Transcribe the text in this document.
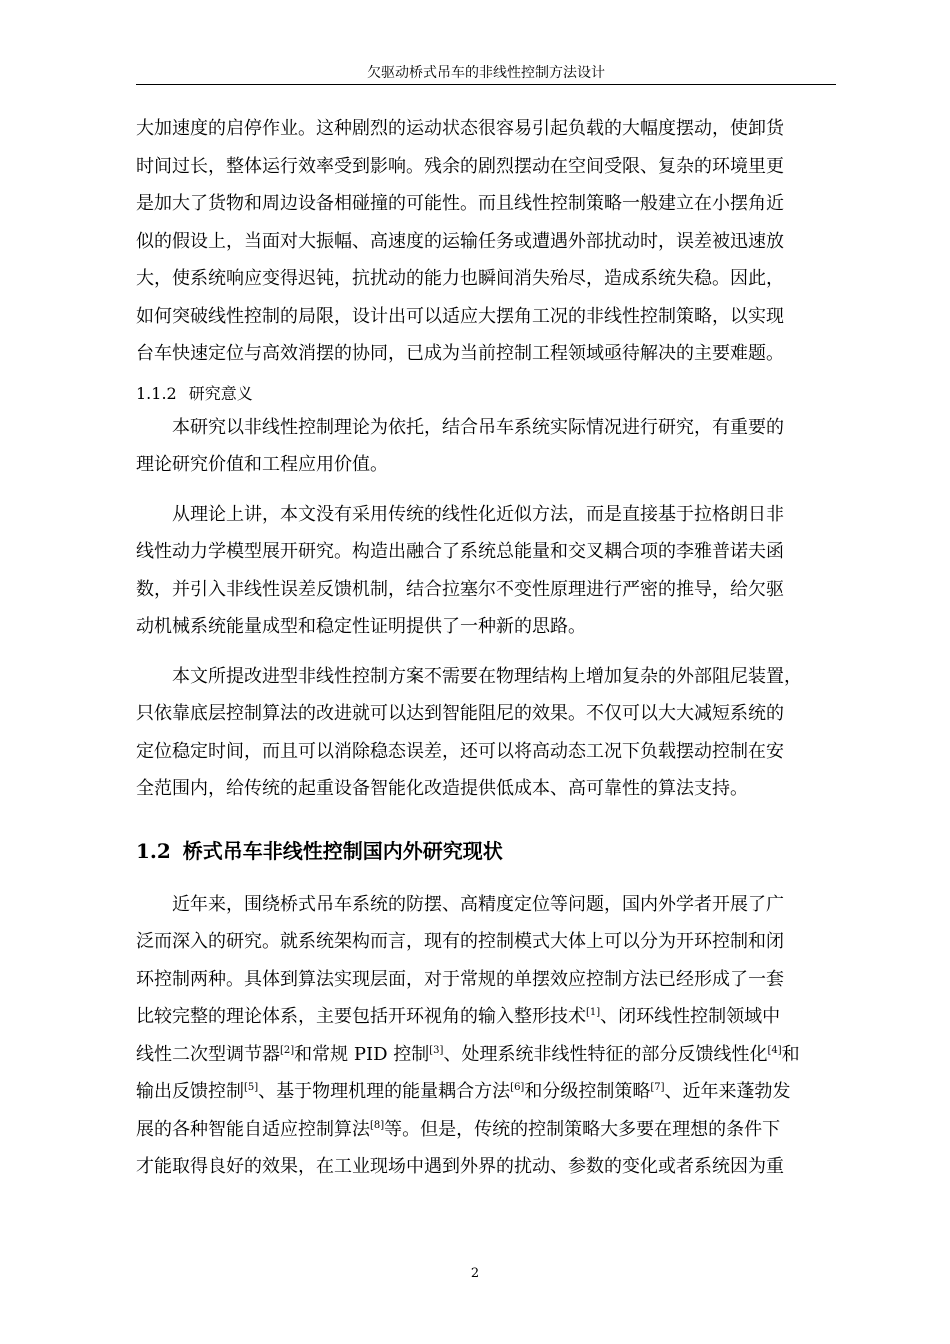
欠驱动桥式吊车的非线性控制方法设计

大加速度的启停作业。这种剧烈的运动状态很容易引起负载的大幅度摆动，使卸货
时间过长，整体运行效率受到影响。残余的剧烈摆动在空间受限、复杂的环境里更
是加大了货物和周边设备相碰撞的可能性。而且线性控制策略一般建立在小摆角近
似的假设上，当面对大振幅、高速度的运输任务或遭遇外部扰动时，误差被迅速放
大，使系统响应变得迟钝，抗扰动的能力也瞬间消失殆尽，造成系统失稳。因此，
如何突破线性控制的局限，设计出可以适应大摆角工况的非线性控制策略，以实现
台车快速定位与高效消摆的协同，已成为当前控制工程领域亟待解决的主要难题。

1.1.2 研究意义

本研究以非线性控制理论为依托，结合吊车系统实际情况进行研究，有重要的
理论研究价值和工程应用价值。

从理论上讲，本文没有采用传统的线性化近似方法，而是直接基于拉格朗日非
线性动力学模型展开研究。构造出融合了系统总能量和交叉耦合项的李雅普诺夫函
数，并引入非线性误差反馈机制，结合拉塞尔不变性原理进行严密的推导，给欠驱
动机械系统能量成型和稳定性证明提供了一种新的思路。

本文所提改进型非线性控制方案不需要在物理结构上增加复杂的外部阻尼装置，
只依靠底层控制算法的改进就可以达到智能阻尼的效果。不仅可以大大减短系统的
定位稳定时间，而且可以消除稳态误差，还可以将高动态工况下负载摆动控制在安
全范围内，给传统的起重设备智能化改造提供低成本、高可靠性的算法支持。

1.2 桥式吊车非线性控制国内外研究现状

近年来，围绕桥式吊车系统的防摆、高精度定位等问题，国内外学者开展了广
泛而深入的研究。就系统架构而言，现有的控制模式大体上可以分为开环控制和闭
环控制两种。具体到算法实现层面，对于常规的单摆效应控制方法已经形成了一套
比较完整的理论体系，主要包括开环视角的输入整形技术[1]、闭环线性控制领域中
线性二次型调节器[2]和常规 PID 控制[3]、处理系统非线性特征的部分反馈线性化[4]和
输出反馈控制[5]、基于物理机理的能量耦合方法[6]和分级控制策略[7]、近年来蓬勃发
展的各种智能自适应控制算法[8]等。但是，传统的控制策略大多要在理想的条件下
才能取得良好的效果，在工业现场中遇到外界的扰动、参数的变化或者系统因为重

2
